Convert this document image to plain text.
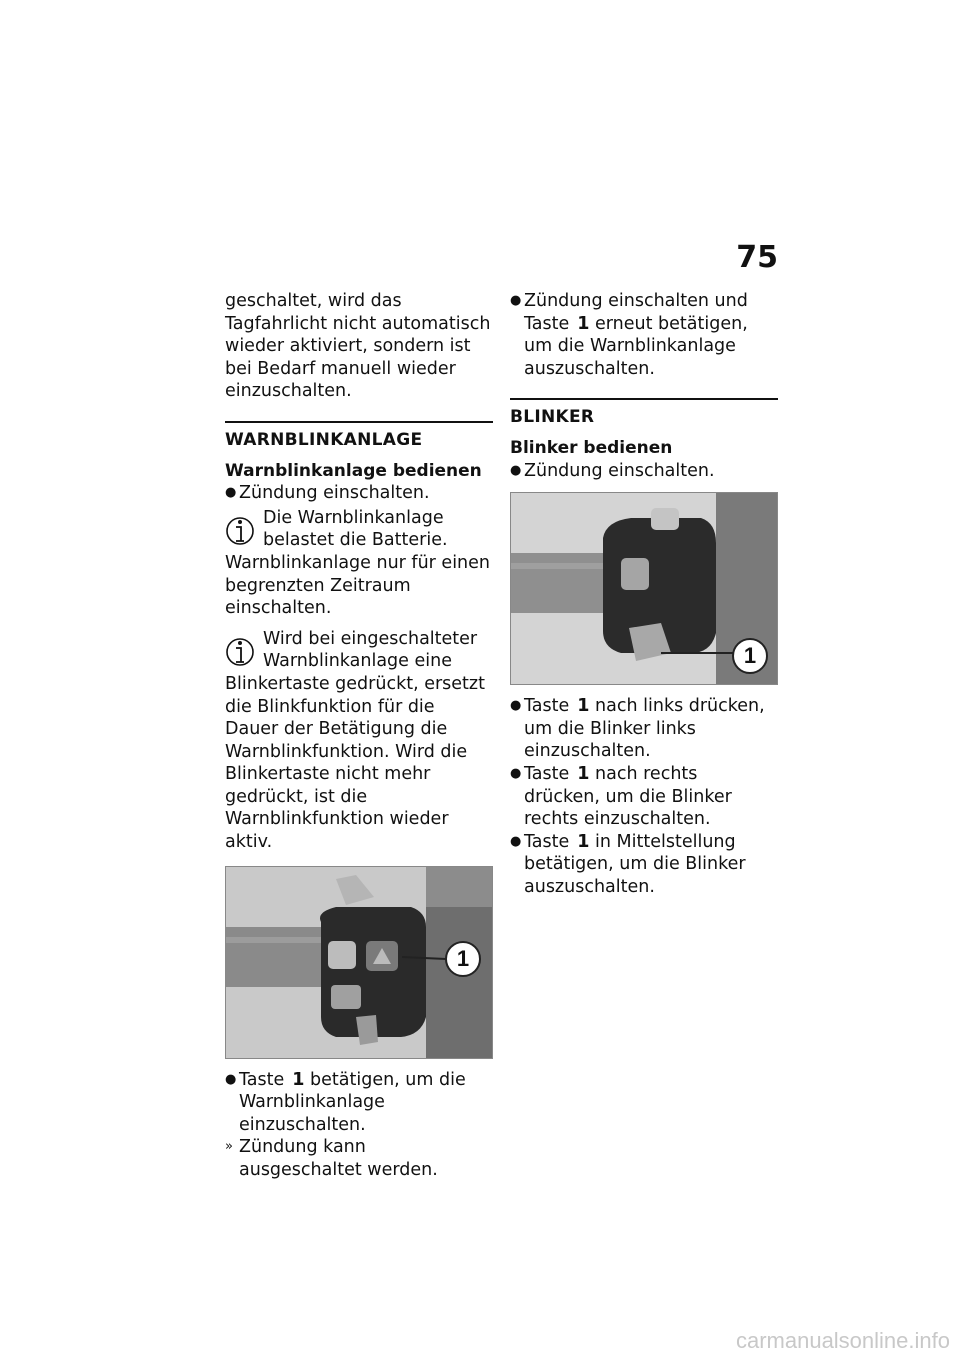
75

geschaltet, wird das Tagfahrlicht nicht automatisch wieder aktiviert, sondern ist bei Bedarf manuell wieder einzuschalten.

WARNBLINKANLAGE

Warnblinkanlage bedienen

● Zündung einschalten.

Die Warnblinkanlage belastet die Batterie. Warnblinkanlage nur für einen begrenzten Zeitraum einschalten.
Wird bei eingeschalteter Warnblinkanlage eine Blinkertaste gedrückt, ersetzt die Blinkfunktion für die Dauer der Betätigung die Warnblinkfunktion. Wird die Blinkertaste nicht mehr gedrückt, ist die Warnblinkfunktion wieder aktiv.
1

● Taste 1 betätigen, um die Warnblinkanlage einzuschalten.

» Zündung kann ausgeschaltet werden.

● Zündung einschalten und Taste 1 erneut betätigen, um die Warnblinkanlage auszuschalten.

BLINKER

Blinker bedienen

● Zündung einschalten.

1

● Taste 1 nach links drücken, um die Blinker links einzuschalten.

● Taste 1 nach rechts drücken, um die Blinker rechts einzuschalten.

● Taste 1 in Mittelstellung betätigen, um die Blinker auszuschalten.

carmanualsonline.info
